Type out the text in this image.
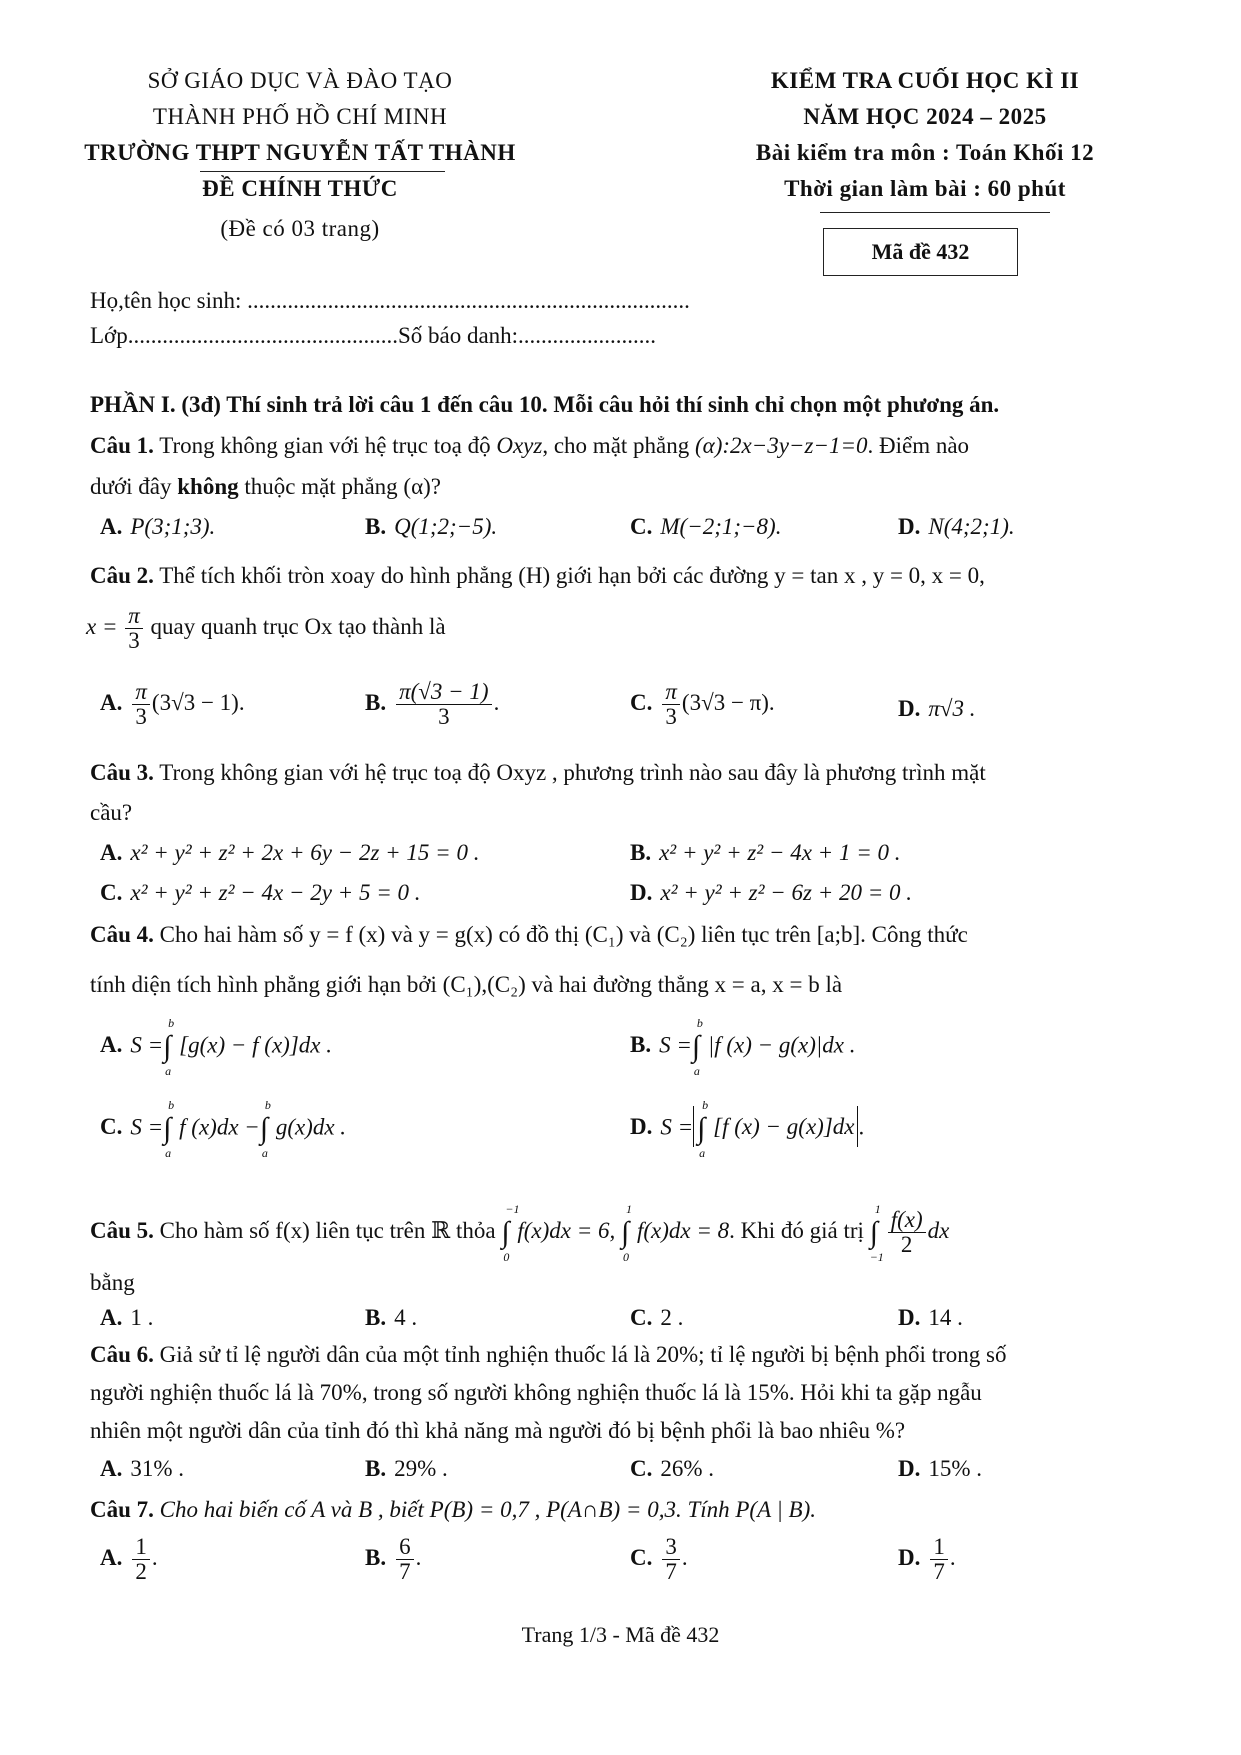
SỞ GIÁO DỤC VÀ ĐÀO TẠO
THÀNH PHỐ HỒ CHÍ MINH
TRƯỜNG THPT NGUYỄN TẤT THÀNH
ĐỀ CHÍNH THỨC
(Đề có 03 trang)
KIỂM TRA CUỐI HỌC KÌ II
NĂM HỌC 2024 – 2025
Bài kiểm tra môn : Toán Khối 12
Thời gian làm bài : 60 phút
Mã đề 432
Họ,tên học sinh: .............................................................................
Lớp...............................................Số báo danh:........................
PHẦN I. (3đ) Thí sinh trả lời câu 1 đến câu 10. Mỗi câu hỏi thí sinh chỉ chọn một phương án.
Câu 1. Trong không gian với hệ trục toạ độ Oxyz, cho mặt phẳng (α):2x−3y−z−1=0. Điểm nào
dưới đây không thuộc mặt phẳng (α)?
A. P(3;1;3).	B. Q(1;2;−5).	C. M(−2;1;−8).	D. N(4;2;1).
Câu 2. Thể tích khối tròn xoay do hình phẳng (H) giới hạn bởi các đường y = tan x , y = 0, x = 0,
$x = \frac{\pi}{3}$ quay quanh trục Ox tạo thành là
A. $\frac{\pi}{3} (3√3 - 1)$.	B. $\frac{\pi(√3 - 1)}{3}$ .	C. $\frac{\pi}{3} (3√3 - \pi)$.	D. π√3 .
Câu 3. Trong không gian với hệ trục toạ độ Oxyz , phương trình nào sau đây là phương trình mặt
cầu?
A. x² + y² + z² + 2x + 6y − 2z + 15 = 0 .	B. x² + y² + z² − 4x + 1 = 0 .
C. x² + y² + z² − 4x − 2y + 5 = 0 .	D. x² + y² + z² − 6z + 20 = 0 .
Câu 4. Cho hai hàm số y = f (x) và y = g(x) có đồ thị (C₁) và (C₂) liên tục trên [a;b]. Công thức
tính diện tích hình phẳng giới hạn bởi (C₁),(C₂) và hai đường thẳng x = a, x = b là
A. S =∫
b
a
[g(x) − f (x)]dx .	B. S =∫
b
a
|f (x) − g(x)|dx .
C. S =∫
b
a
f (x)dx −∫
b
a
g(x)dx .	D. S = ∫
b
a
[f (x) − g(x)]dx .
Câu 5. Cho hàm số f(x) liên tục trên ℝ thỏa ∫
−1
0
f(x)dx = 6, ∫
1
0
f(x)dx = 8. Khi đó giá trị ∫
1
$-1 \frac{f(x)}{2}$ dx
bằng
A. 1 .	B. 4 .	C. 2 .	D. 14 .
Câu 6. Giả sử tỉ lệ người dân của một tỉnh nghiện thuốc lá là 20%; tỉ lệ người bị bệnh phổi trong số
người nghiện thuốc lá là 70%, trong số người không nghiện thuốc lá là 15%. Hỏi khi ta gặp ngẫu
nhiên một người dân của tỉnh đó thì khả năng mà người đó bị bệnh phổi là bao nhiêu %?
A. 31% .	B. 29% .	C. 26% .	D. 15% .
Câu 7. Cho hai biến cố A và B , biết P(B) = 0,7 , P(A∩B) = 0,3. Tính P(A | B).
A. $\frac{1}{2}$ .	B. $\frac{6}{7}$ .	C. $\frac{3}{7}$ .	D. $\frac{1}{7}$ .
Trang 1/3 - Mã đề 432
